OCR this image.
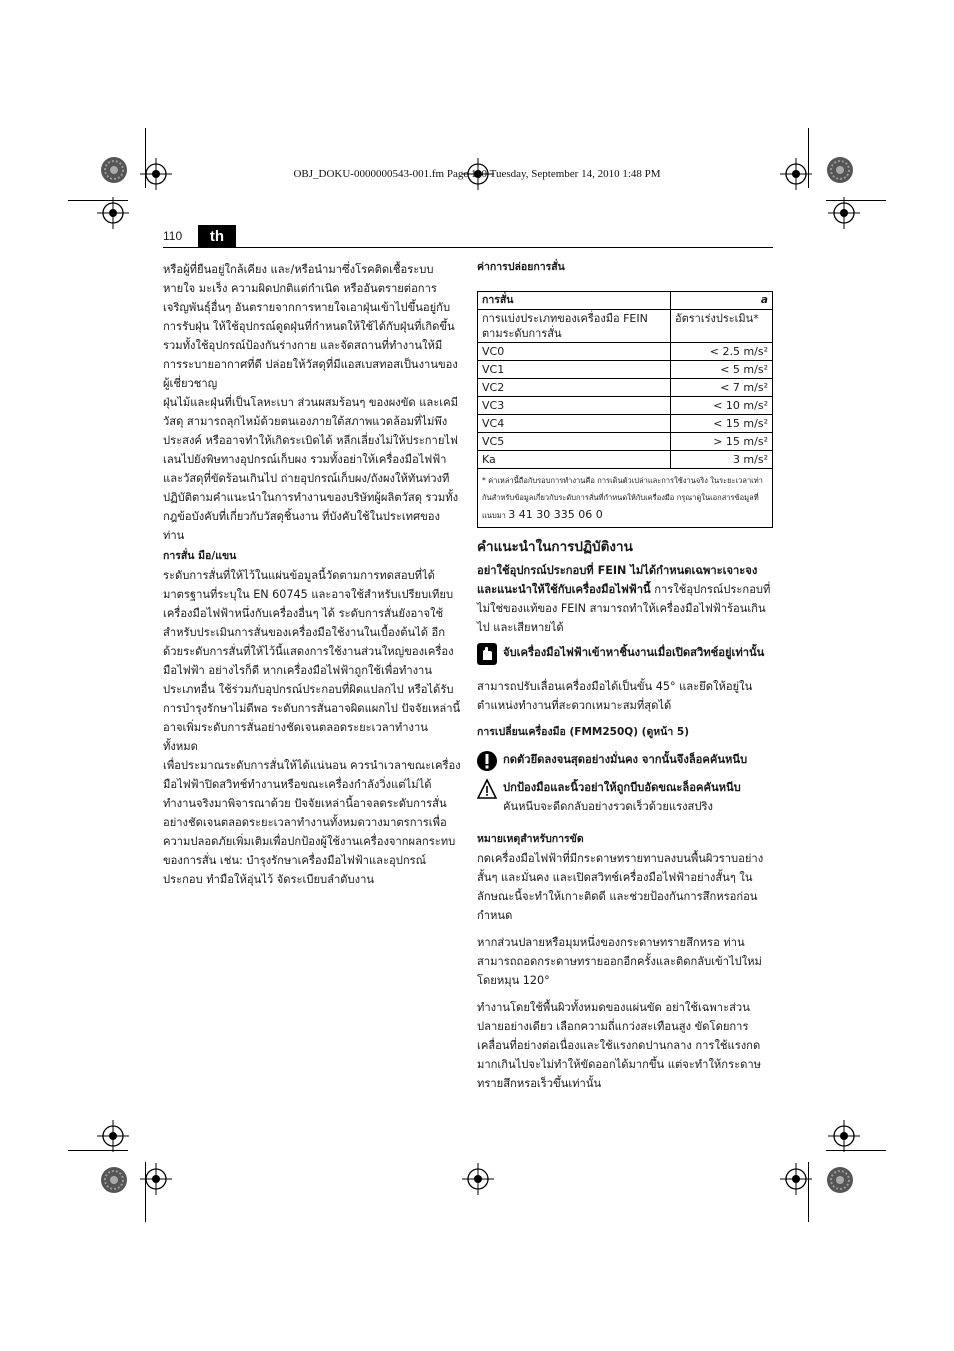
OBJ_DOKU-0000000543-001.fm Page 110 Tuesday, September 14, 2010 1:48 PM
110	th

หรือผู้ที่ยืนอยู่ใกล้เคียง และ/หรือนำมาซึ่งโรคติดเชื้อระบบหายใจ มะเร็ง ความผิดปกติแต่กำเนิด หรืออันตรายต่อการเจริญพันธุ์อื่นๆ อันตรายจากการหายใจเอาฝุ่นเข้าไปขึ้นอยู่กับการรับฝุ่น ให้ใช้อุปกรณ์ดูดฝุ่นที่กำหนดให้ใช้ได้กับฝุ่นที่เกิดขึ้น รวมทั้งใช้อุปกรณ์ป้องกันร่างกาย และจัดสถานที่ทำงานให้มีการระบายอากาศที่ดี ปล่อยให้วัสดุที่มีแอสเบสทอสเป็นงานของผู้เชี่ยวชาญ

ฝุ่นไม้และฝุ่นที่เป็นโลหะเบา ส่วนผสมร้อนๆ ของผงขัด และเคมีวัสดุ สามารถลุกไหม้ด้วยตนเองภายใต้สภาพแวดล้อมที่ไม่พึงประสงค์ หรืออาจทำให้เกิดระเบิดได้ หลีกเลี่ยงไม่ให้ประกายไฟเลนไปยังพิษทางอุปกรณ์เก็บผง รวมทั้งอย่าให้เครื่องมือไฟฟ้าและวัสดุที่ขัดร้อนเกินไป ถ่ายอุปกรณ์เก็บผง/ถังผงให้ทันท่วงที ปฏิบัติตามคำแนะนำในการทำงานของบริษัทผู้ผลิตวัสดุ รวมทั้งกฎข้อบังคับที่เกี่ยวกับวัสดุชิ้นงาน ที่บังคับใช้ในประเทศของท่าน

การสั่น มือ/แขน

ระดับการสั่นที่ให้ไว้ในแผ่นข้อมูลนี้วัดตามการทดสอบที่ได้มาตรฐานที่ระบุใน EN 60745 และอาจใช้สำหรับเปรียบเทียบเครื่องมือไฟฟ้าหนึ่งกับเครื่องอื่นๆ ได้ ระดับการสั่นยังอาจใช้สำหรับประเมินการสั่นของเครื่องมือใช้งานในเบื้องต้นได้ อีกด้วยระดับการสั่นที่ให้ไว้นี้แสดงการใช้งานส่วนใหญ่ของเครื่องมือไฟฟ้า อย่างไรก็ดี หากเครื่องมือไฟฟ้าถูกใช้เพื่อทำงานประเภทอื่น ใช้ร่วมกับอุปกรณ์ประกอบที่ผิดแปลกไป หรือได้รับการบำรุงรักษาไม่ดีพอ ระดับการสั่นอาจผิดแผกไป ปัจจัยเหล่านี้อาจเพิ่มระดับการสั่นอย่างชัดเจนตลอดระยะเวลาทำงานทั้งหมด

เพื่อประมาณระดับการสั่นให้ได้แน่นอน ควรนำเวลาขณะเครื่องมือไฟฟ้าปิดสวิทช์ทำงานหรือขณะเครื่องกำลังวิ่งแต่ไม่ได้ทำงานจริงมาพิจารณาด้วย ปัจจัยเหล่านี้อาจลดระดับการสั่นอย่างชัดเจนตลอดระยะเวลาทำงานทั้งหมดวางมาตรการเพื่อความปลอดภัยเพิ่มเติมเพื่อปกป้องผู้ใช้งานเครื่องจากผลกระทบของการสั่น เช่น: บำรุงรักษาเครื่องมือไฟฟ้าและอุปกรณ์ประกอบ ทำมือให้อุ่นไว้ จัดระเบียบลำดับงาน

ค่าการปล่อยการสั่น

การสั่น	a
การแบ่งประเภทของเครื่องมือ FEIN ตามระดับการสั่น	อัตราเร่งประเมิน*
VC0	< 2.5 m/s²
VC1	< 5 m/s²
VC2	< 7 m/s²
VC3	< 10 m/s²
VC4	< 15 m/s²
VC5	> 15 m/s²
Ka	3 m/s²
* ค่าเหล่านี้ถือกับรอบการทำงานคือ การเดินตัวเปล่าและการใช้งานจริง ในระยะเวลาเท่ากันสำหรับข้อมูลเกี่ยวกับระดับการสั่นที่กำหนดให้กับเครื่องมือ กรุณาดูในเอกสารข้อมูลที่แนบมา 3 41 30 335 06 0	

คำแนะนำในการปฏิบัติงาน

อย่าใช้อุปกรณ์ประกอบที่ FEIN ไม่ได้กำหนดเฉพาะเจาะจง และแนะนำให้ใช้กับเครื่องมือไฟฟ้านี้ การใช้อุปกรณ์ประกอบที่ไม่ใช่ของแท้ของ FEIN สามารถทำให้เครื่องมือไฟฟ้าร้อนเกินไป และเสียหายได้

จับเครื่องมือไฟฟ้าเข้าหาชิ้นงานเมื่อเปิดสวิทช์อยู่เท่านั้น

สามารถปรับเลื่อนเครื่องมือได้เป็นขั้น 45° และยึดให้อยู่ในตำแหน่งทำงานที่สะดวกเหมาะสมที่สุดได้

การเปลี่ยนเครื่องมือ (FMM250Q) (ดูหน้า 5)

กดตัวยึดลงจนสุดอย่างมั่นคง จากนั้นจึงล็อคคันหนีบ
ปกป้องมือและนิ้วอย่าให้ถูกบีบอัดขณะล็อคคันหนีบ
คันหนีบจะดีดกลับอย่างรวดเร็วด้วยแรงสปริง

หมายเหตุสำหรับการขัด

กดเครื่องมือไฟฟ้าที่มีกระดาษทรายทาบลงบนพื้นผิวราบอย่างสั้นๆ และมั่นคง และเปิดสวิทช์เครื่องมือไฟฟ้าอย่างสั้นๆ ในลักษณะนี้จะทำให้เกาะติดดี และช่วยป้องกันการสึกหรอก่อนกำหนด

หากส่วนปลายหรือมุมหนึ่งของกระดาษทรายสึกหรอ ท่านสามารถถอดกระดาษทรายออกอีกครั้งและติดกลับเข้าไปใหม่โดยหมุน 120°

ทำงานโดยใช้พื้นผิวทั้งหมดของแผ่นขัด อย่าใช้เฉพาะส่วนปลายอย่างเดียว เลือกความถี่แกว่งสะเทือนสูง ขัดโดยการเคลื่อนที่อย่างต่อเนื่องและใช้แรงกดปานกลาง การใช้แรงกดมากเกินไปจะไม่ทำให้ขัดออกได้มากขึ้น แต่จะทำให้กระดาษทรายสึกหรอเร็วขึ้นเท่านั้น
